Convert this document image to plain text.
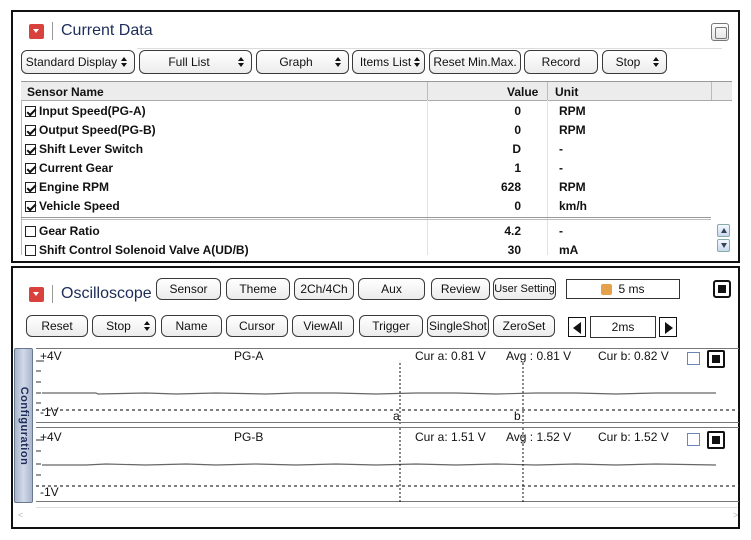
Current Data
Standard Display	Full List	Graph	Items List Reset Min.Max.	Record	Stop
Sensor Name	Value Unit
Input Speed(PG-A)	0	RPM
Output Speed(PG-B)	0	RPM
Shift Lever Switch	D	-
Current Gear	1	-
Engine RPM	628	RPM
Vehicle Speed	0	km/h
Gear Ratio	4.2	-
Shift Control Solenoid Valve A(UD/B)	30	mA
Oscilloscope	Sensor	Theme	2Ch/4Ch	Aux	Review	User Setting	5 ms
Reset	Stop	Name	Cursor	ViewAll	Trigger	SingleShot	ZeroSet	2ms
Configuration
+4V
-1V
PG-A	Cur a: 0.81 V Avg : 0.81 V Cur b: 0.82 V
a	b
+4V
-1V
PG-B	Cur a: 1.51 V Avg : 1.52 V Cur b: 1.52 V
<	>
